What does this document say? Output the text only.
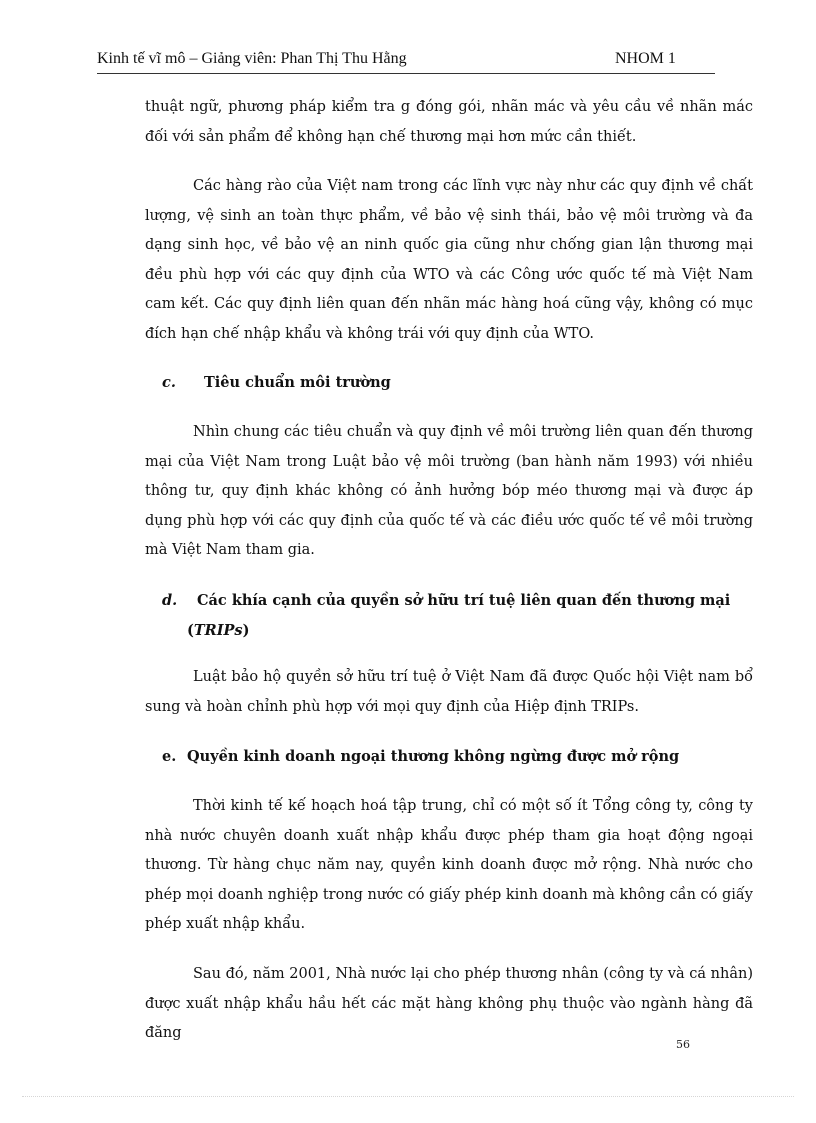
Kinh tế vĩ mô – Giảng viên: Phan Thị Thu Hằng	NHOM 1

thuật ngữ, phương pháp kiểm tra g đóng gói, nhãn mác và yêu cầu về nhãn mác đối với sản phẩm để không hạn chế thương mại hơn mức cần thiết.

Các hàng rào của Việt nam trong các lĩnh vực này như các quy định về chất lượng, vệ sinh an toàn thực phẩm, về bảo vệ sinh thái, bảo vệ môi trường và đa dạng sinh học, về bảo vệ an ninh quốc gia cũng như chống gian lận thương mại đều phù hợp với các quy định của WTO và các Công ước quốc tế mà Việt Nam cam kết. Các quy định liên quan đến nhãn mác hàng hoá cũng vậy, không có mục đích hạn chế nhập khẩu và không trái với quy định của WTO.

c. Tiêu chuẩn môi trường

Nhìn chung các tiêu chuẩn và quy định về môi trường liên quan đến thương mại của Việt Nam trong Luật bảo vệ môi trường (ban hành năm 1993) với nhiều thông tư, quy định khác không có ảnh hưởng bóp méo thương mại và được áp dụng phù hợp với các quy định của quốc tế và các điều ước quốc tế về môi trường mà Việt Nam tham gia.

d. Các khía cạnh của quyền sở hữu trí tuệ liên quan đến thương mại
(TRIPs)

Luật bảo hộ quyền sở hữu trí tuệ ở Việt Nam đã được Quốc hội Việt nam bổ sung và hoàn chỉnh phù hợp với mọi quy định của Hiệp định TRIPs.

e. Quyền kinh doanh ngoại thương không ngừng được mở rộng

Thời kinh tế kế hoạch hoá tập trung, chỉ có một số ít Tổng công ty, công ty nhà nước chuyên doanh xuất nhập khẩu được phép tham gia hoạt động ngoại thương. Từ hàng chục năm nay, quyền kinh doanh được mở rộng. Nhà nước cho phép mọi doanh nghiệp trong nước có giấy phép kinh doanh mà không cần có giấy phép xuất nhập khẩu.

Sau đó, năm 2001, Nhà nước lại cho phép thương nhân (công ty và cá nhân) được xuất nhập khẩu hầu hết các mặt hàng không phụ thuộc vào ngành hàng đã đăng

56
